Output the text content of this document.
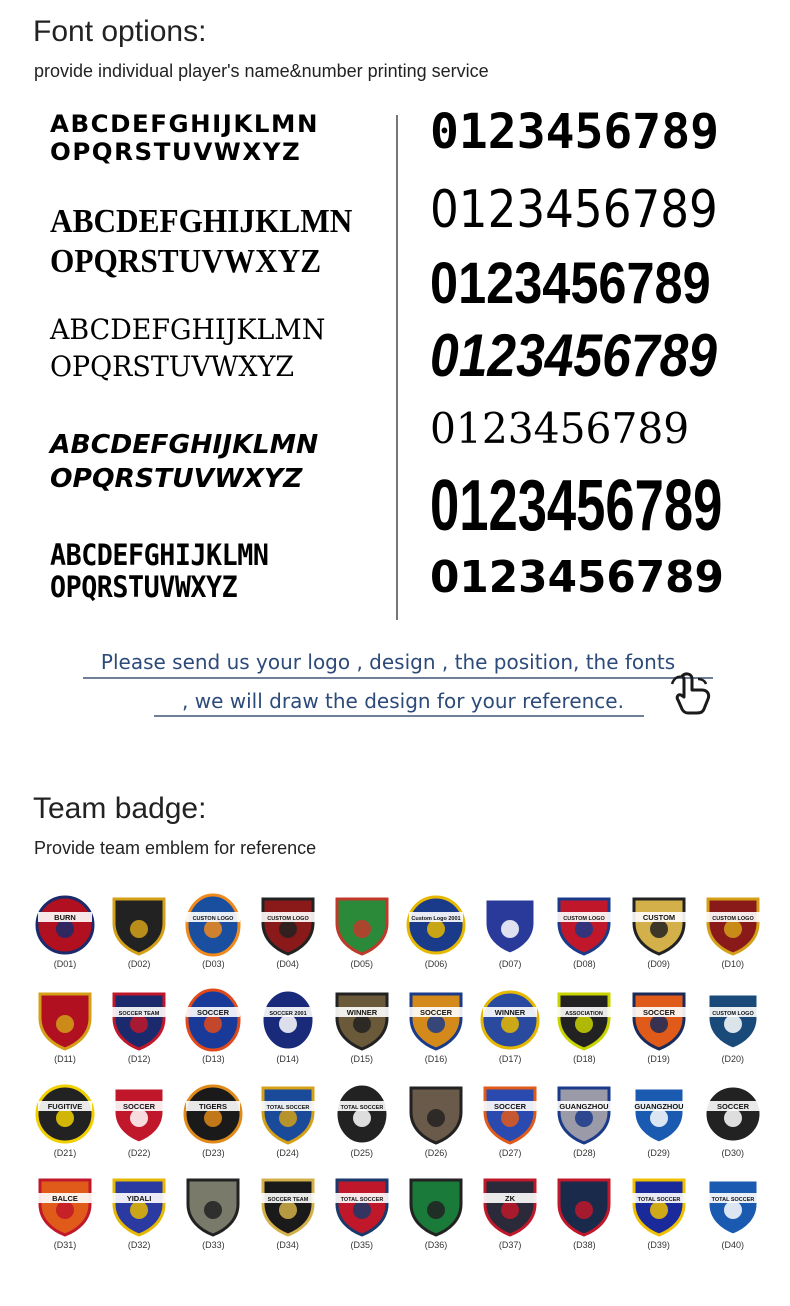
Font options:
provide individual player's name&number printing service
ABCDEFGHIJKLMN
OPQRSTUVWXYZ
ABCDEFGHIJKLMN
OPQRSTUVWXYZ
ABCDEFGHIJKLMN
OPQRSTUVWXYZ
ABCDEFGHIJKLMN
OPQRSTUVWXYZ
ABCDEFGHIJKLMN
OPQRSTUVWXYZ
0123456789
0123456789
0123456789
0123456789
0123456789
0123456789
0123456789
Please send us your logo , design , the position, the fonts
, we will draw the design for your reference.
Team badge:
Provide team emblem for reference
BURN
(D01)	(D02)
CUSTON LOGO
(D03)
CUSTOM LOGO
(D04)	(D05)
Custom Logo 2001
(D06)	(D07)
CUSTOM LOGO
(D08)
CUSTOM
(D09)
CUSTOM LOGO
(D10)
(D11)
SOCCER TEAM
(D12)
SOCCER
(D13)
SOCCER 2001
(D14)
WINNER
(D15)
SOCCER
(D16)
WINNER
(D17)
ASSOCIATION
(D18)
SOCCER
(D19)
CUSTOM LOGO
(D20)
FUGITIVE
(D21)
SOCCER
(D22)
TIGERS
(D23)
TOTAL SOCCER
(D24)
TOTAL SOCCER
(D25)	(D26)
SOCCER
(D27)
GUANGZHOU
(D28)
GUANGZHOU
(D29)
SOCCER
(D30)
BALCE
(D31)
YIDALI
(D32)	(D33)
SOCCER TEAM
(D34)
TOTAL SOCCER
(D35)	(D36)
ZK
(D37)	(D38)
TOTAL SOCCER
(D39)
TOTAL SOCCER
(D40)
